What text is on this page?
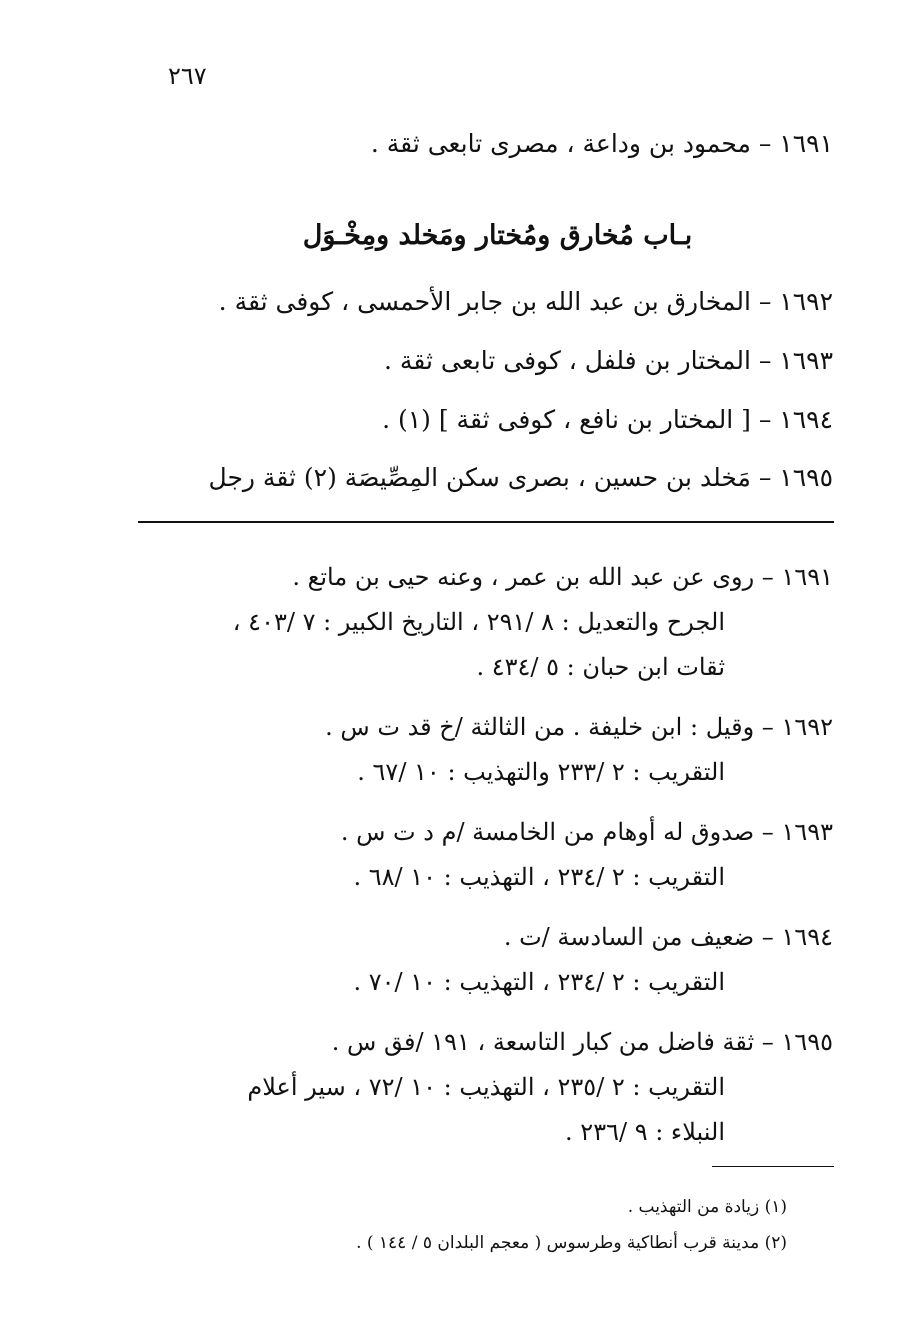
٢٦٧
١٦٩١ – محمود بن وداعة ، مصرى تابعى ثقة .
بـاب مُخارق ومُختار ومَخلد ومِخْـوَل
١٦٩٢ – المخارق بن عبد الله بن جابر الأحمسى ، كوفى ثقة .
١٦٩٣ – المختار بن فلفل ، كوفى تابعى ثقة .
١٦٩٤ – [ المختار بن نافع ، كوفى ثقة ] (١) .
١٦٩٥ – مَخلد بن حسين ، بصرى سكن المِصِّيصَة (٢) ثقة رجل
١٦٩١ – روى عن عبد الله بن عمر ، وعنه حيى بن ماتع .
الجرح والتعديل : ٨ /٢٩١ ، التاريخ الكبير : ٧ /٤٠٣ ،
ثقات ابن حبان : ٥ /٤٣٤ .
١٦٩٢ – وقيل : ابن خليفة . من الثالثة /خ قد ت س .
التقريب : ٢ /٢٣٣ والتهذيب : ١٠ /٦٧ .
١٦٩٣ – صدوق له أوهام من الخامسة /م د ت س .
التقريب : ٢ /٢٣٤ ، التهذيب : ١٠ /٦٨ .
١٦٩٤ – ضعيف من السادسة /ت .
التقريب : ٢ /٢٣٤ ، التهذيب : ١٠ /٧٠ .
١٦٩٥ – ثقة فاضل من كبار التاسعة ، ١٩١ /فق س .
التقريب : ٢ /٢٣٥ ، التهذيب : ١٠ /٧٢ ، سير أعلام
النبلاء : ٩ /٢٣٦ .
(١) زيادة من التهذيب .
(٢) مدينة قرب أنطاكية وطرسوس ( معجم البلدان ٥ / ١٤٤ ) .
